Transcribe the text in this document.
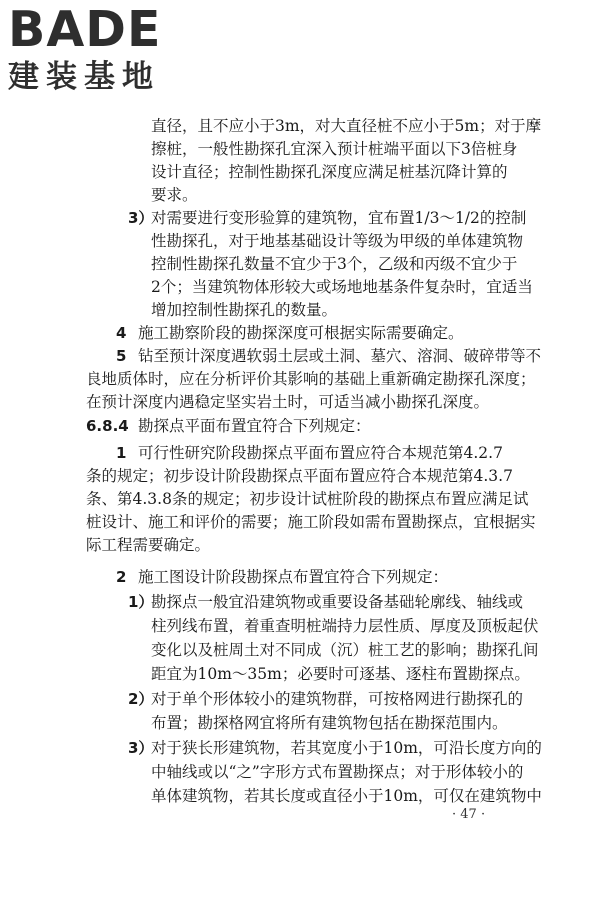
BADE
建装基地
直径，且不应小于3m，对大直径桩不应小于5m；对于摩
擦桩，一般性勘探孔宜深入预计桩端平面以下3倍桩身
设计直径；控制性勘探孔深度应满足桩基沉降计算的
要求。
3）
对需要进行变形验算的建筑物，宜布置1/3～1/2的控制
性勘探孔，对于地基基础设计等级为甲级的单体建筑物
控制性勘探孔数量不宜少于3个，乙级和丙级不宜少于
2个；当建筑物体形较大或场地地基条件复杂时，宜适当
增加控制性勘探孔的数量。
4 施工勘察阶段的勘探深度可根据实际需要确定。
5 钻至预计深度遇软弱土层或土洞、墓穴、溶洞、破碎带等不
良地质体时，应在分析评价其影响的基础上重新确定勘探孔深度；
在预计深度内遇稳定坚实岩土时，可适当减小勘探孔深度。
6.8.4 勘探点平面布置宜符合下列规定：
1 可行性研究阶段勘探点平面布置应符合本规范第4.2.7
条的规定；初步设计阶段勘探点平面布置应符合本规范第4.3.7
条、第4.3.8条的规定；初步设计试桩阶段的勘探点布置应满足试
桩设计、施工和评价的需要；施工阶段如需布置勘探点，宜根据实
际工程需要确定。
2 施工图设计阶段勘探点布置宜符合下列规定：
1）
勘探点一般宜沿建筑物或重要设备基础轮廓线、轴线或
柱列线布置，着重查明桩端持力层性质、厚度及顶板起伏
变化以及桩周土对不同成（沉）桩工艺的影响；勘探孔间
距宜为10m～35m；必要时可逐基、逐柱布置勘探点。
2）
对于单个形体较小的建筑物群，可按格网进行勘探孔的
布置；勘探格网宜将所有建筑物包括在勘探范围内。
3）
对于狭长形建筑物，若其宽度小于10m，可沿长度方向的
中轴线或以“之”字形方式布置勘探点；对于形体较小的
单体建筑物，若其长度或直径小于10m，可仅在建筑物中
· 47 ·
